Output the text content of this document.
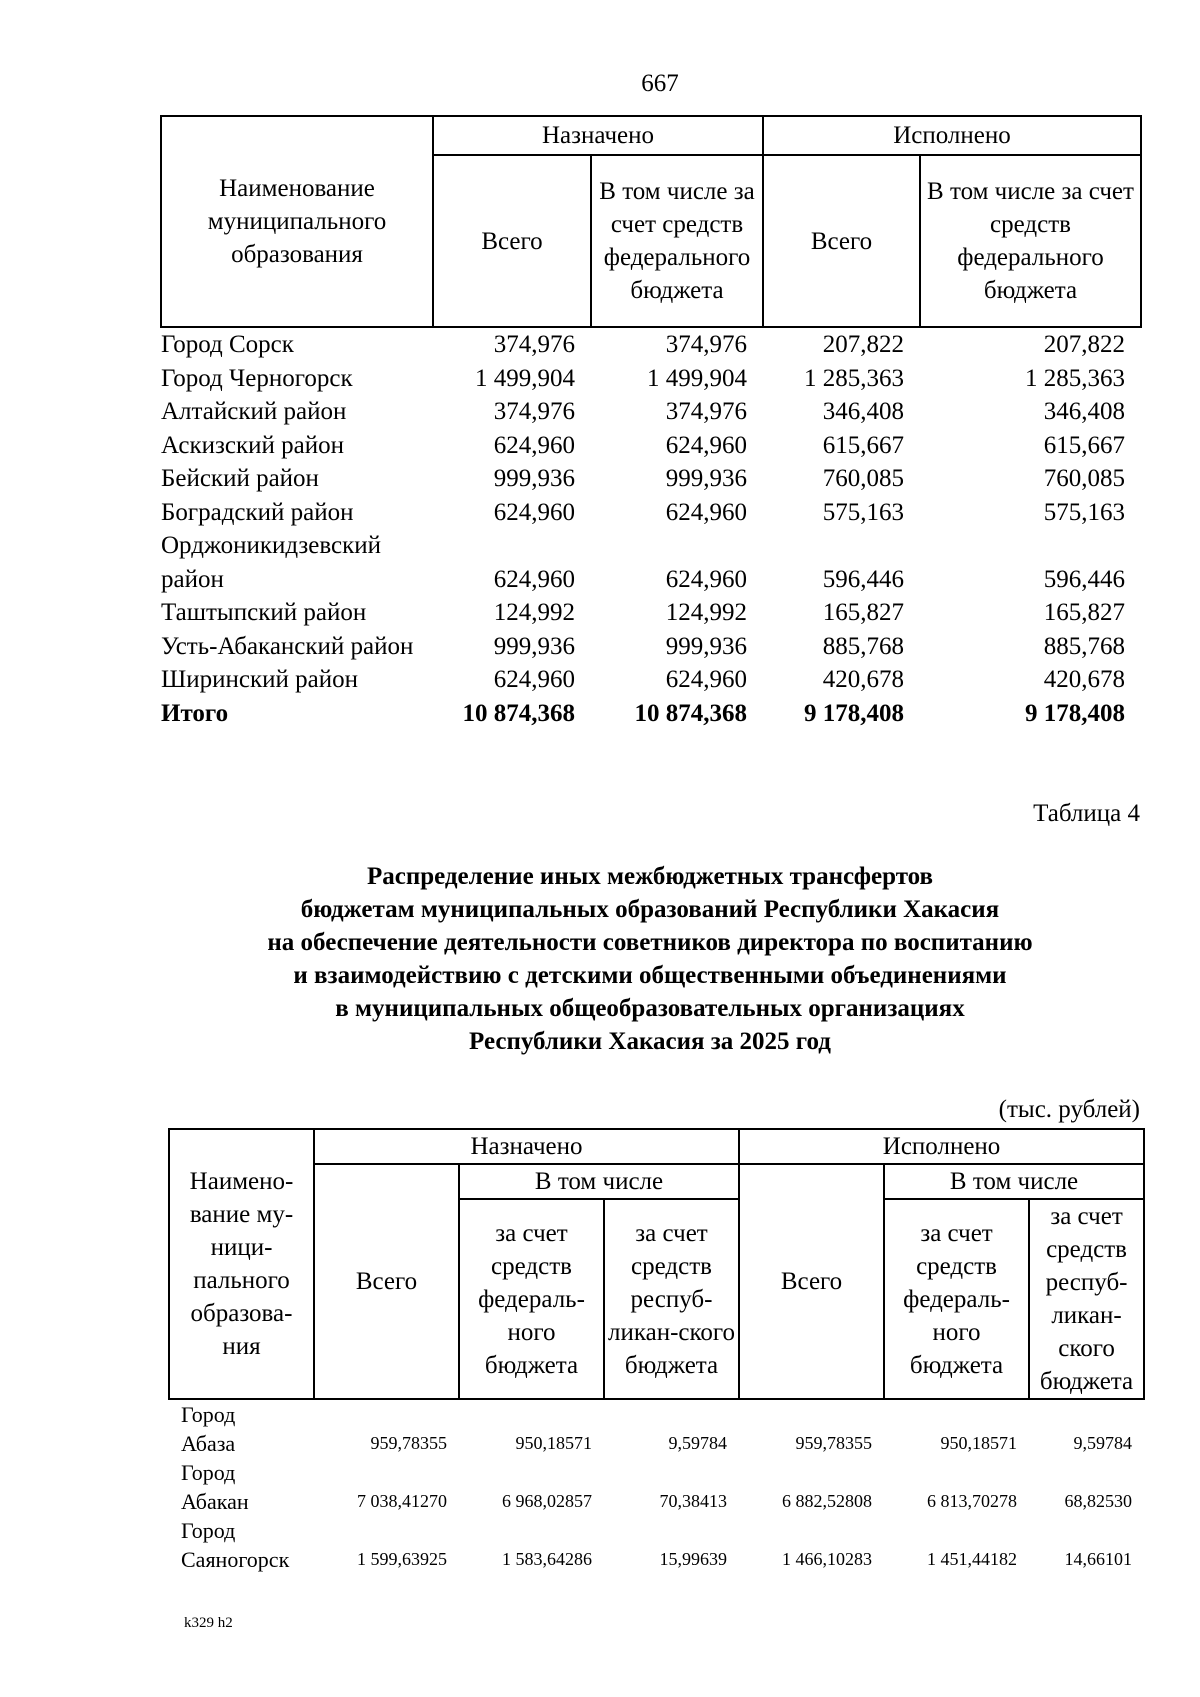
667
Наименование муниципального образования	Назначено		Исполнено	
	Всего	В том числе за счет средств федерального бюджета	Всего	В том числе за счет средств федерального бюджета
Город Сорск	374,976	374,976	207,822	207,822
Город Черногорск	1 499,904	1 499,904	1 285,363	1 285,363
Алтайский район	374,976	374,976	346,408	346,408
Аскизский район	624,960	624,960	615,667	615,667
Бейский район	999,936	999,936	760,085	760,085
Боградский район	624,960	624,960	575,163	575,163
Орджоникидзевский район	624,960	624,960	596,446	596,446
Таштыпский район	124,992	124,992	165,827	165,827
Усть-Абаканский район	999,936	999,936	885,768	885,768
Ширинский район	624,960	624,960	420,678	420,678
Итого	10 874,368	10 874,368	9 178,408	9 178,408
Таблица 4
Распределение иных межбюджетных трансфертов
бюджетам муниципальных образований Республики Хакасия
на обеспечение деятельности советников директора по воспитанию
и взаимодействию с детскими общественными объединениями
в муниципальных общеобразовательных организациях
Республики Хакасия за 2025 год
(тыс. рублей)
Наимено-вание му-ници-пального образова-ния	Назначено			Исполнено		
	Всего	В том числе		Всего	В том числе	
		за счет средств федераль-ного бюджета	за счет средств респуб-ликан-ского бюджета		за счет средств федераль-ного бюджета	за счет средств респуб-ликан-ского бюджета
Город						
Абаза	959,78355	950,18571	9,59784	959,78355	950,18571	9,59784
Город						
Абакан	7 038,41270	6 968,02857	70,38413	6 882,52808	6 813,70278	68,82530
Город						
Саяногорск	1 599,63925	1 583,64286	15,99639	1 466,10283	1 451,44182	14,66101
k329 h2
